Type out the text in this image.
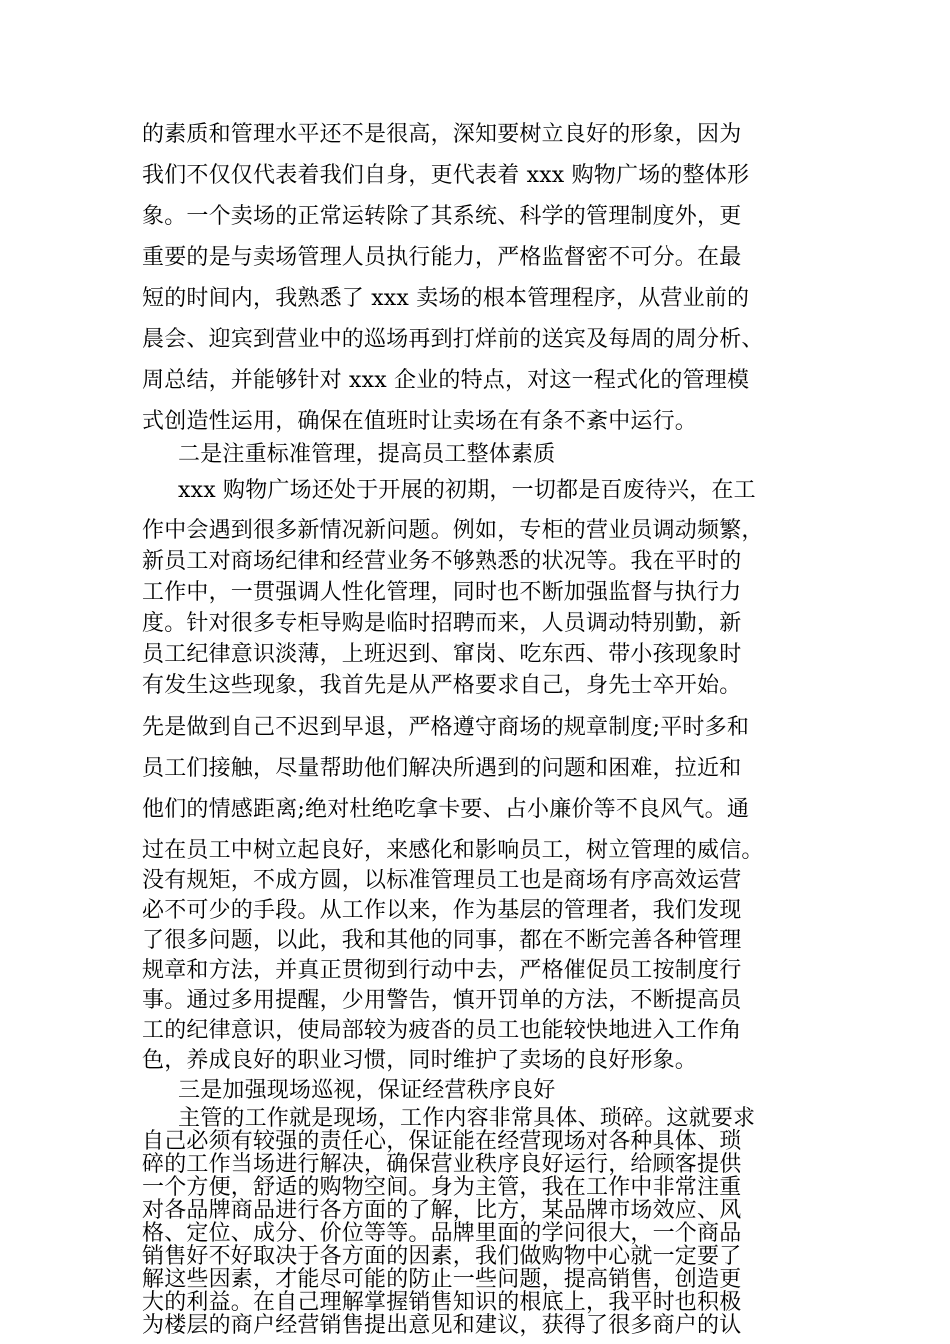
的素质和管理水平还不是很高，深知要树立良好的形象，因为
我们不仅仅代表着我们自身，更代表着 xxx 购物广场的整体形
象。一个卖场的正常运转除了其系统、科学的管理制度外，更
重要的是与卖场管理人员执行能力，严格监督密不可分。在最
短的时间内，我熟悉了 xxx 卖场的根本管理程序，从营业前的
晨会、迎宾到营业中的巡场再到打烊前的送宾及每周的周分析、
周总结，并能够针对 xxx 企业的特点，对这一程式化的管理模
式创造性运用，确保在值班时让卖场在有条不紊中运行。
二是注重标准管理，提高员工整体素质
xxx 购物广场还处于开展的初期，一切都是百废待兴，在工
作中会遇到很多新情况新问题。例如，专柜的营业员调动频繁，
新员工对商场纪律和经营业务不够熟悉的状况等。我在平时的
工作中，一贯强调人性化管理，同时也不断加强监督与执行力
度。针对很多专柜导购是临时招聘而来，人员调动特别勤，新
员工纪律意识淡薄，上班迟到、窜岗、吃东西、带小孩现象时
有发生这些现象，我首先是从严格要求自己，身先士卒开始。
先是做到自己不迟到早退，严格遵守商场的规章制度;平时多和
员工们接触，尽量帮助他们解决所遇到的问题和困难，拉近和
他们的情感距离;绝对杜绝吃拿卡要、占小廉价等不良风气。通
过在员工中树立起良好，来感化和影响员工，树立管理的威信。
没有规矩，不成方圆，以标准管理员工也是商场有序高效运营
必不可少的手段。从工作以来，作为基层的管理者，我们发现
了很多问题，以此，我和其他的同事，都在不断完善各种管理
规章和方法，并真正贯彻到行动中去，严格催促员工按制度行
事。通过多用提醒，少用警告，慎开罚单的方法，不断提高员
工的纪律意识，使局部较为疲沓的员工也能较快地进入工作角
色，养成良好的职业习惯，同时维护了卖场的良好形象。
三是加强现场巡视，保证经营秩序良好
主管的工作就是现场，工作内容非常具体、琐碎。这就要求
自己必须有较强的责任心，保证能在经营现场对各种具体、琐
碎的工作当场进行解决，确保营业秩序良好运行，给顾客提供
一个方便，舒适的购物空间。身为主管，我在工作中非常注重
对各品牌商品进行各方面的了解，比方，某品牌市场效应、风
格、定位、成分、价位等等。品牌里面的学问很大，一个商品
销售好不好取决于各方面的因素，我们做购物中心就一定要了
解这些因素，才能尽可能的防止一些问题，提高销售，创造更
大的利益。在自己理解掌握销售知识的根底上，我平时也积极
为楼层的商户经营销售提出意见和建议，获得了很多商户的认
